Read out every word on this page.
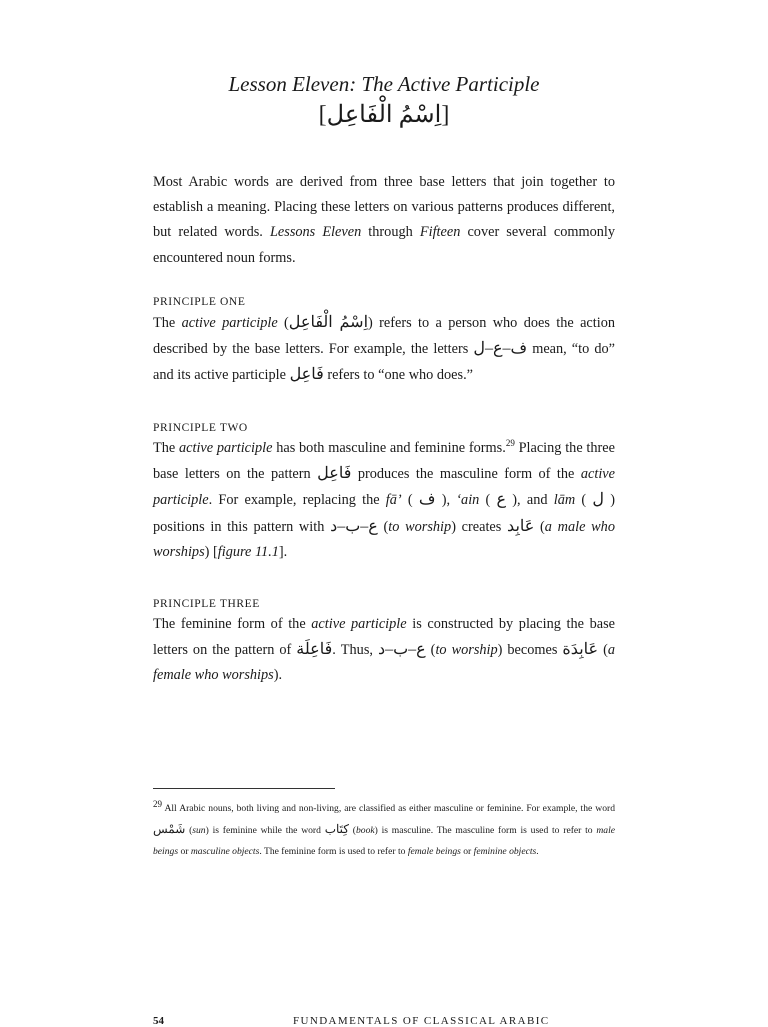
Lesson Eleven: The Active Participle
[اِسْمُ الْفَاعِل]

Most Arabic words are derived from three base letters that join together to establish a meaning. Placing these letters on various patterns produces different, but related words. Lessons Eleven through Fifteen cover several commonly encountered noun forms.

PRINCIPLE ONE

The active participle (اِسْمُ الْفَاعِل) refers to a person who does the action described by the base letters. For example, the letters ف–ع–ل mean, “to do” and its active participle فَاعِل refers to “one who does.”

PRINCIPLE TWO

The active participle has both masculine and feminine forms.$^{29}$ Placing the three base letters on the pattern فَاعِل produces the masculine form of the active participle. For example, replacing the fā’ ( ف ), ‘ain ( ع ), and lām ( ل ) positions in this pattern with ع–ب–د (to worship) creates عَابِد (a male who worships) [figure 11.1].

PRINCIPLE THREE

The feminine form of the active participle is constructed by placing the base letters on the pattern of فَاعِلَة. Thus, ع–ب–د (to worship) becomes عَابِدَة (a female who worships).

$^{29}$ All Arabic nouns, both living and non-living, are classified as either masculine or feminine. For example, the word شَمْس (sun) is feminine while the word كِتَاب (book) is masculine. The masculine form is used to refer to male beings or masculine objects. The feminine form is used to refer to female beings or feminine objects.
54	FUNDAMENTALS OF CLASSICAL ARABIC
